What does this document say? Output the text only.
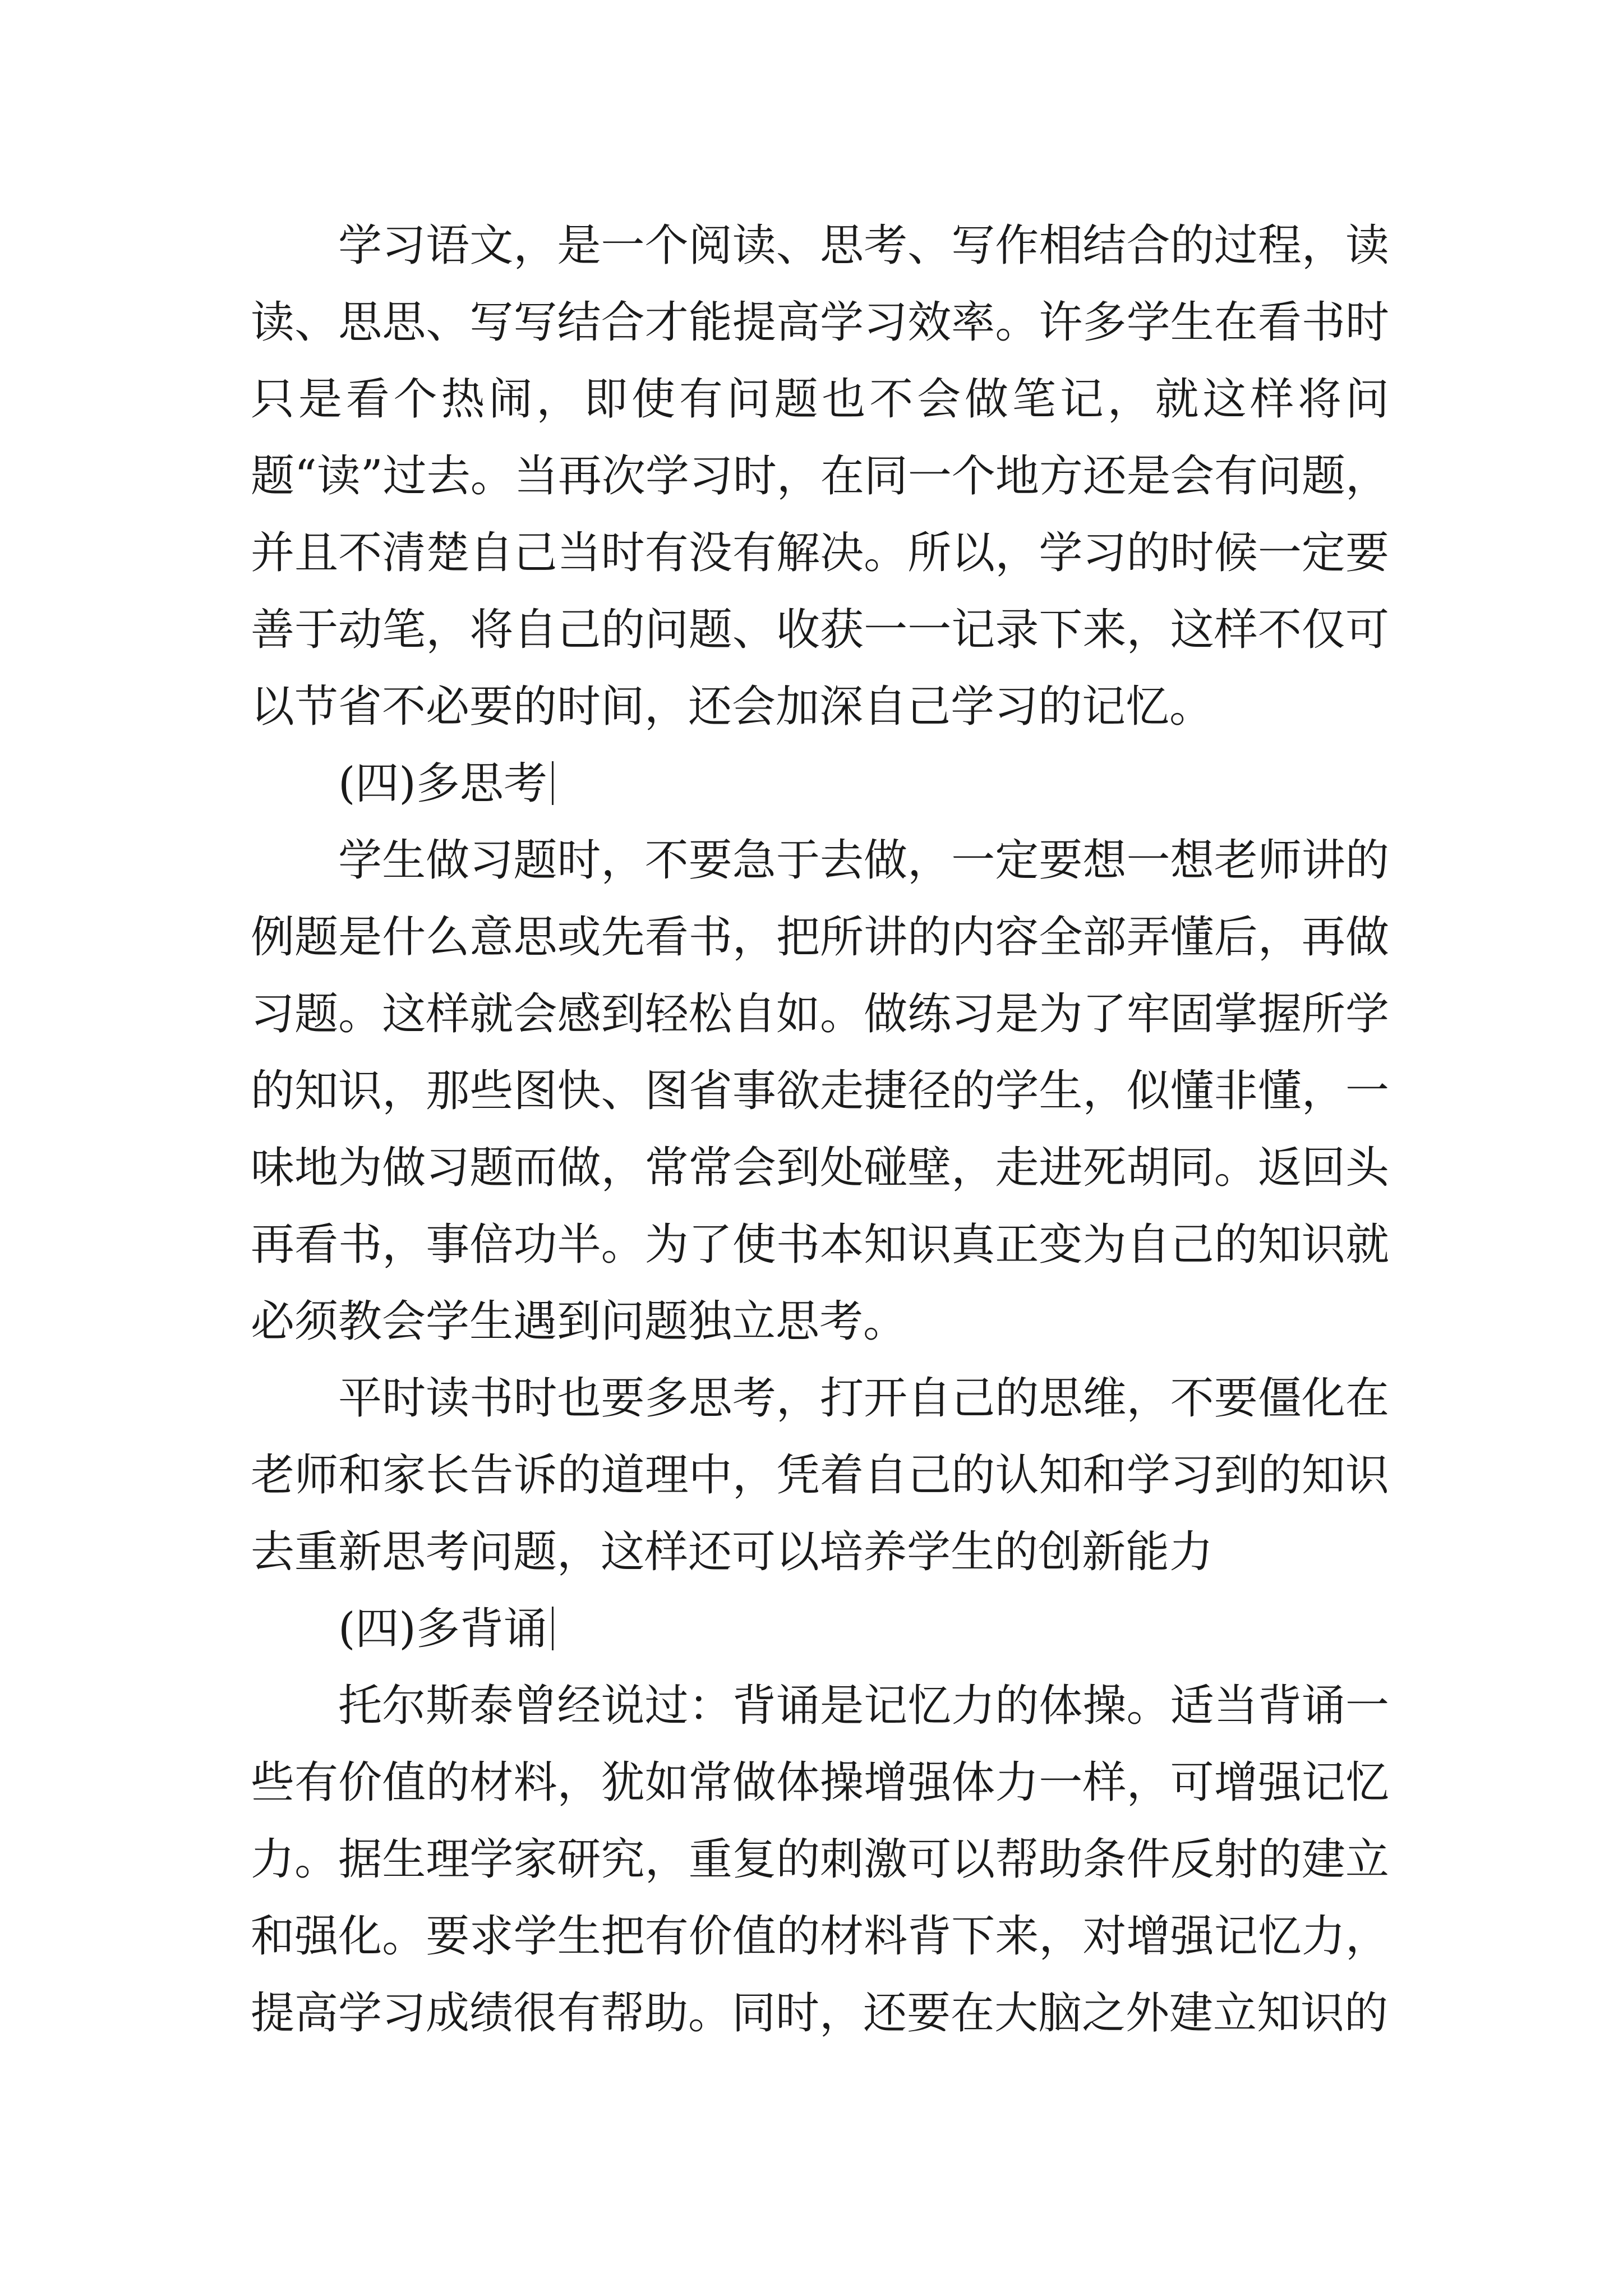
学习语文，是一个阅读、思考、写作相结合的过程，读读、思思、写写结合才能提高学习效率。许多学生在看书时只是看个热闹，即使有问题也不会做笔记，就这样将问题“读”过去。当再次学习时，在同一个地方还是会有问题，并且不清楚自己当时有没有解决。所以，学习的时候一定要善于动笔，将自己的问题、收获一一记录下来，这样不仅可以节省不必要的时间，还会加深自己学习的记忆。

(四)多思考

学生做习题时，不要急于去做，一定要想一想老师讲的例题是什么意思或先看书，把所讲的内容全部弄懂后，再做习题。这样就会感到轻松自如。做练习是为了牢固掌握所学的知识，那些图快、图省事欲走捷径的学生，似懂非懂，一味地为做习题而做，常常会到处碰壁，走进死胡同。返回头再看书，事倍功半。为了使书本知识真正变为自己的知识就必须教会学生遇到问题独立思考。

平时读书时也要多思考，打开自己的思维，不要僵化在老师和家长告诉的道理中，凭着自己的认知和学习到的知识去重新思考问题，这样还可以培养学生的创新能力

(四)多背诵

托尔斯泰曾经说过：背诵是记忆力的体操。适当背诵一些有价值的材料，犹如常做体操增强体力一样，可增强记忆力。据生理学家研究，重复的刺激可以帮助条件反射的建立和强化。要求学生把有价值的材料背下来，对增强记忆力，提高学习成绩很有帮助。同时，还要在大脑之外建立知识的
